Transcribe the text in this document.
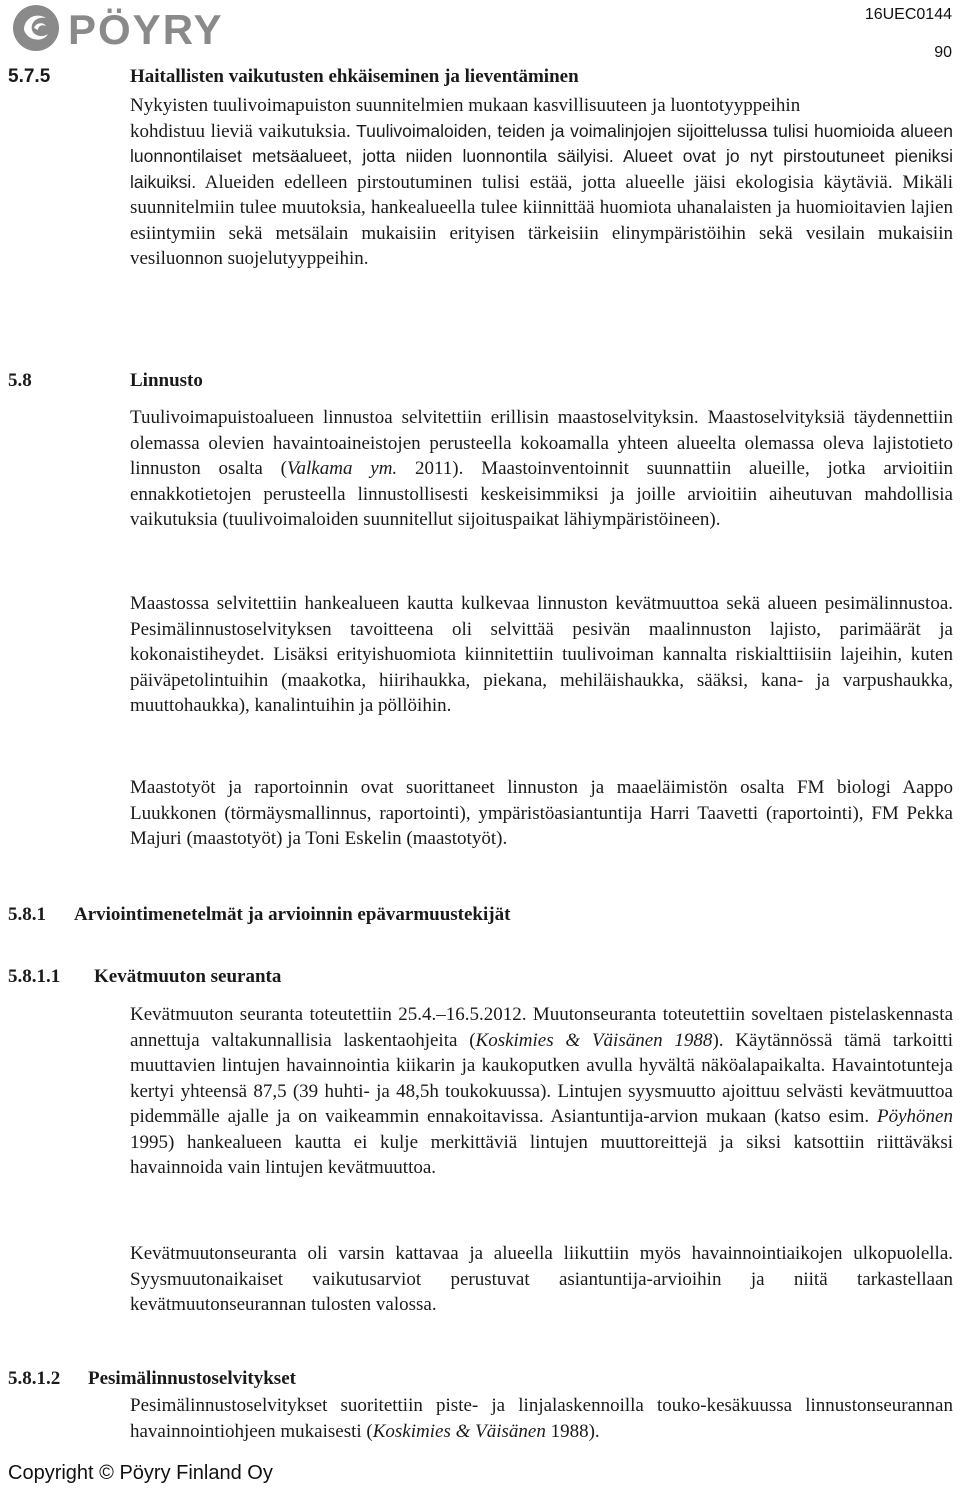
PÖYRY	16UEC0144
90
5.7.5	Haitallisten vaikutusten ehkäiseminen ja lieventäminen
Nykyisten tuulivoimapuiston suunnitelmien mukaan kasvillisuuteen ja luontotyyppeihin
kohdistuu lieviä vaikutuksia. Tuulivoimaloiden, teiden ja voimalinjojen sijoittelussa tulisi huomioida alueen luonnontilaiset metsäalueet, jotta niiden luonnontila säilyisi. Alueet ovat jo nyt pirstoutuneet pieniksi laikuiksi. Alueiden edelleen pirstoutuminen tulisi estää, jotta alueelle jäisi ekologisia käytäviä. Mikäli suunnitelmiin tulee muutoksia, hankealueella tulee kiinnittää huomiota uhanalaisten ja huomioitavien lajien esiintymiin sekä metsälain mukaisiin erityisen tärkeisiin elinympäristöihin sekä vesilain mukaisiin vesiluonnon suojelutyyppeihin.
5.8	Linnusto
Tuulivoimapuistoalueen linnustoa selvitettiin erillisin maastoselvityksin. Maastoselvityksiä täydennettiin olemassa olevien havaintoaineistojen perusteella kokoamalla yhteen alueelta olemassa oleva lajistotieto linnuston osalta (Valkama ym. 2011). Maastoinventoinnit suunnattiin alueille, jotka arvioitiin ennakkotietojen perusteella linnustollisesti keskeisimmiksi ja joille arvioitiin aiheutuvan mahdollisia vaikutuksia (tuulivoimaloiden suunnitellut sijoituspaikat lähiympäristöineen).
Maastossa selvitettiin hankealueen kautta kulkevaa linnuston kevätmuuttoa sekä alueen pesimälinnustoa. Pesimälinnustoselvityksen tavoitteena oli selvittää pesivän maalinnuston lajisto, parimäärät ja kokonaistiheydet. Lisäksi erityishuomiota kiinnitettiin tuulivoiman kannalta riskialttiisiin lajeihin, kuten päiväpetolintuihin (maakotka, hiirihaukka, piekana, mehiläishaukka, sääksi, kana- ja varpushaukka, muuttohaukka), kanalintuihin ja pöllöihin.
Maastotyöt ja raportoinnin ovat suorittaneet linnuston ja maaeläimistön osalta FM biologi Aappo Luukkonen (törmäysmallinnus, raportointi), ympäristöasiantuntija Harri Taavetti (raportointi), FM Pekka Majuri (maastotyöt) ja Toni Eskelin (maastotyöt).
5.8.1 Arviointimenetelmät ja arvioinnin epävarmuustekijät
5.8.1.1 Kevätmuuton seuranta
Kevätmuuton seuranta toteutettiin 25.4.–16.5.2012. Muutonseuranta toteutettiin soveltaen pistelaskennasta annettuja valtakunnallisia laskentaohjeita (Koskimies & Väisänen 1988). Käytännössä tämä tarkoitti muuttavien lintujen havainnointia kiikarin ja kaukoputken avulla hyvältä näköalapaikalta. Havaintotunteja kertyi yhteensä 87,5 (39 huhti- ja 48,5h toukokuussa). Lintujen syysmuutto ajoittuu selvästi kevätmuuttoa pidemmälle ajalle ja on vaikeammin ennakoitavissa. Asiantuntija-arvion mukaan (katso esim. Pöyhönen 1995) hankealueen kautta ei kulje merkittäviä lintujen muuttoreittejä ja siksi katsottiin riittäväksi havainnoida vain lintujen kevätmuuttoa.
Kevätmuutonseuranta oli varsin kattavaa ja alueella liikuttiin myös havainnointiaikojen ulkopuolella. Syysmuutonaikaiset vaikutusarviot perustuvat asiantuntija-arvioihin ja niitä tarkastellaan kevätmuutonseurannan tulosten valossa.
5.8.1.2 Pesimälinnustoselvitykset
Pesimälinnustoselvitykset suoritettiin piste- ja linjalaskennoilla touko-kesäkuussa linnustonseurannan havainnointiohjeen mukaisesti (Koskimies & Väisänen 1988).
Copyright © Pöyry Finland Oy
